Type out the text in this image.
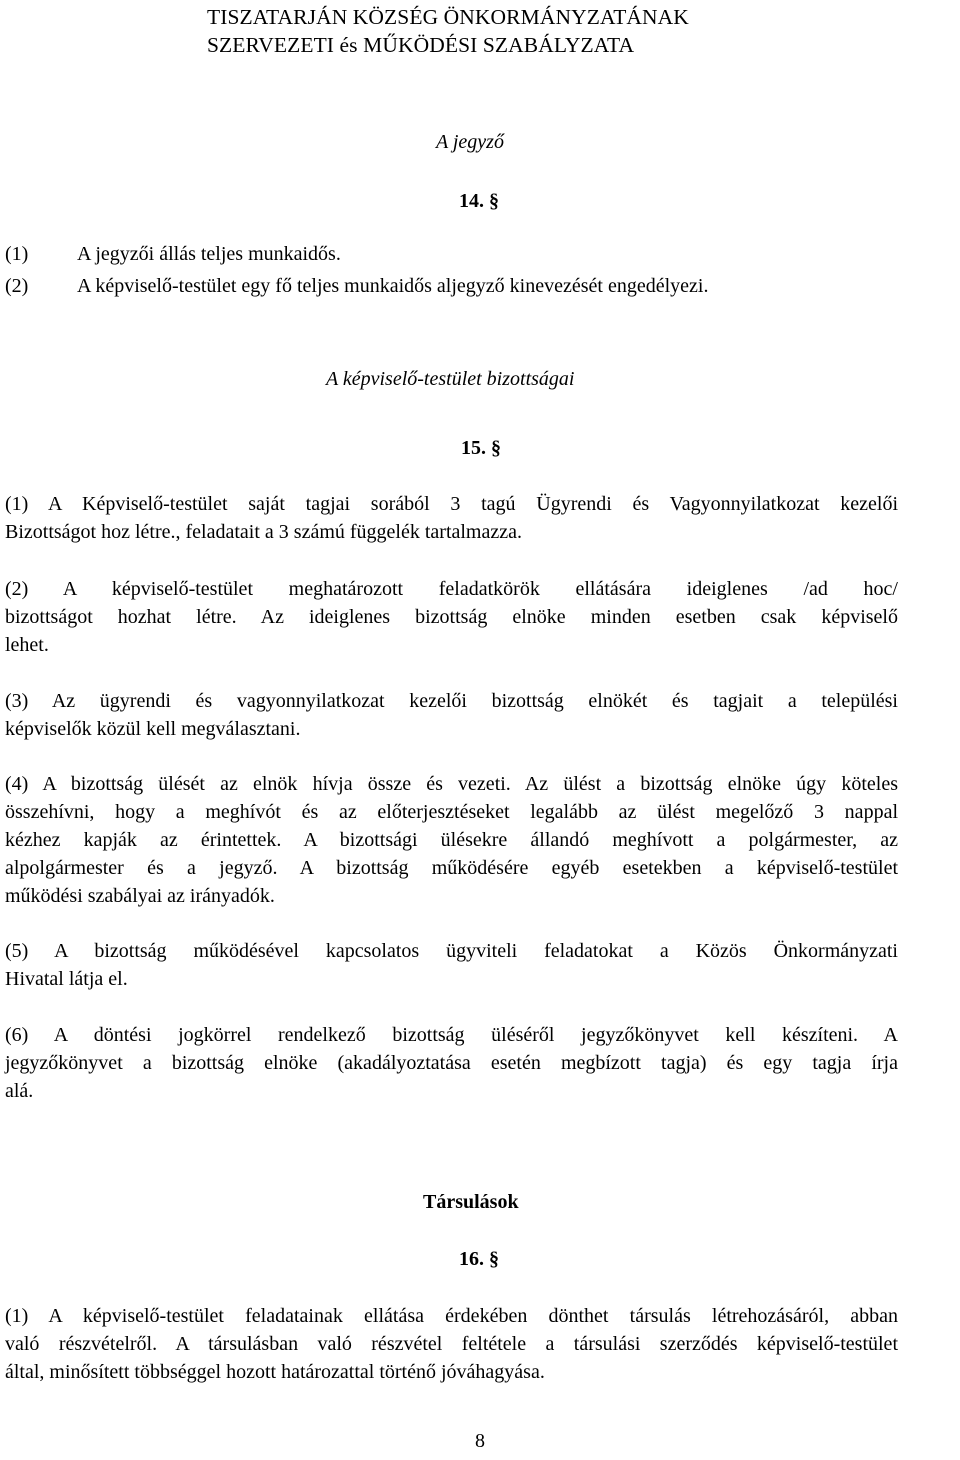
TISZATARJÁN KÖZSÉG ÖNKORMÁNYZATÁNAK
SZERVEZETI és MŰKÖDÉSI SZABÁLYZATA
A jegyző
14. §
(1) A jegyzői állás teljes munkaidős.
(2) A képviselő-testület egy fő teljes munkaidős aljegyző kinevezését engedélyezi.
A képviselő-testület bizottságai
15. §
(1) A Képviselő-testület saját tagjai sorából 3 tagú Ügyrendi és Vagyonnyilatkozat kezelői
Bizottságot hoz létre., feladatait a 3 számú függelék tartalmazza.
(2) A képviselő-testület meghatározott feladatkörök ellátására ideiglenes /ad hoc/
bizottságot hozhat létre. Az ideiglenes bizottság elnöke minden esetben csak képviselő
lehet.
(3) Az ügyrendi és vagyonnyilatkozat kezelői bizottság elnökét és tagjait a települési
képviselők közül kell megválasztani.
(4) A bizottság ülését az elnök hívja össze és vezeti. Az ülést a bizottság elnöke úgy köteles
összehívni, hogy a meghívót és az előterjesztéseket legalább az ülést megelőző 3 nappal
kézhez kapják az érintettek. A bizottsági ülésekre állandó meghívott a polgármester, az
alpolgármester és a jegyző. A bizottság működésére egyéb esetekben a képviselő-testület
működési szabályai az irányadók.
(5) A bizottság működésével kapcsolatos ügyviteli feladatokat a Közös Önkormányzati
Hivatal látja el.
(6) A döntési jogkörrel rendelkező bizottság üléséről jegyzőkönyvet kell készíteni. A
jegyzőkönyvet a bizottság elnöke (akadályoztatása esetén megbízott tagja) és egy tagja írja
alá.
Társulások
16. §
(1) A képviselő-testület feladatainak ellátása érdekében dönthet társulás létrehozásáról, abban
való részvételről. A társulásban való részvétel feltétele a társulási szerződés képviselő-testület
által, minősített többséggel hozott határozattal történő jóváhagyása.
8
